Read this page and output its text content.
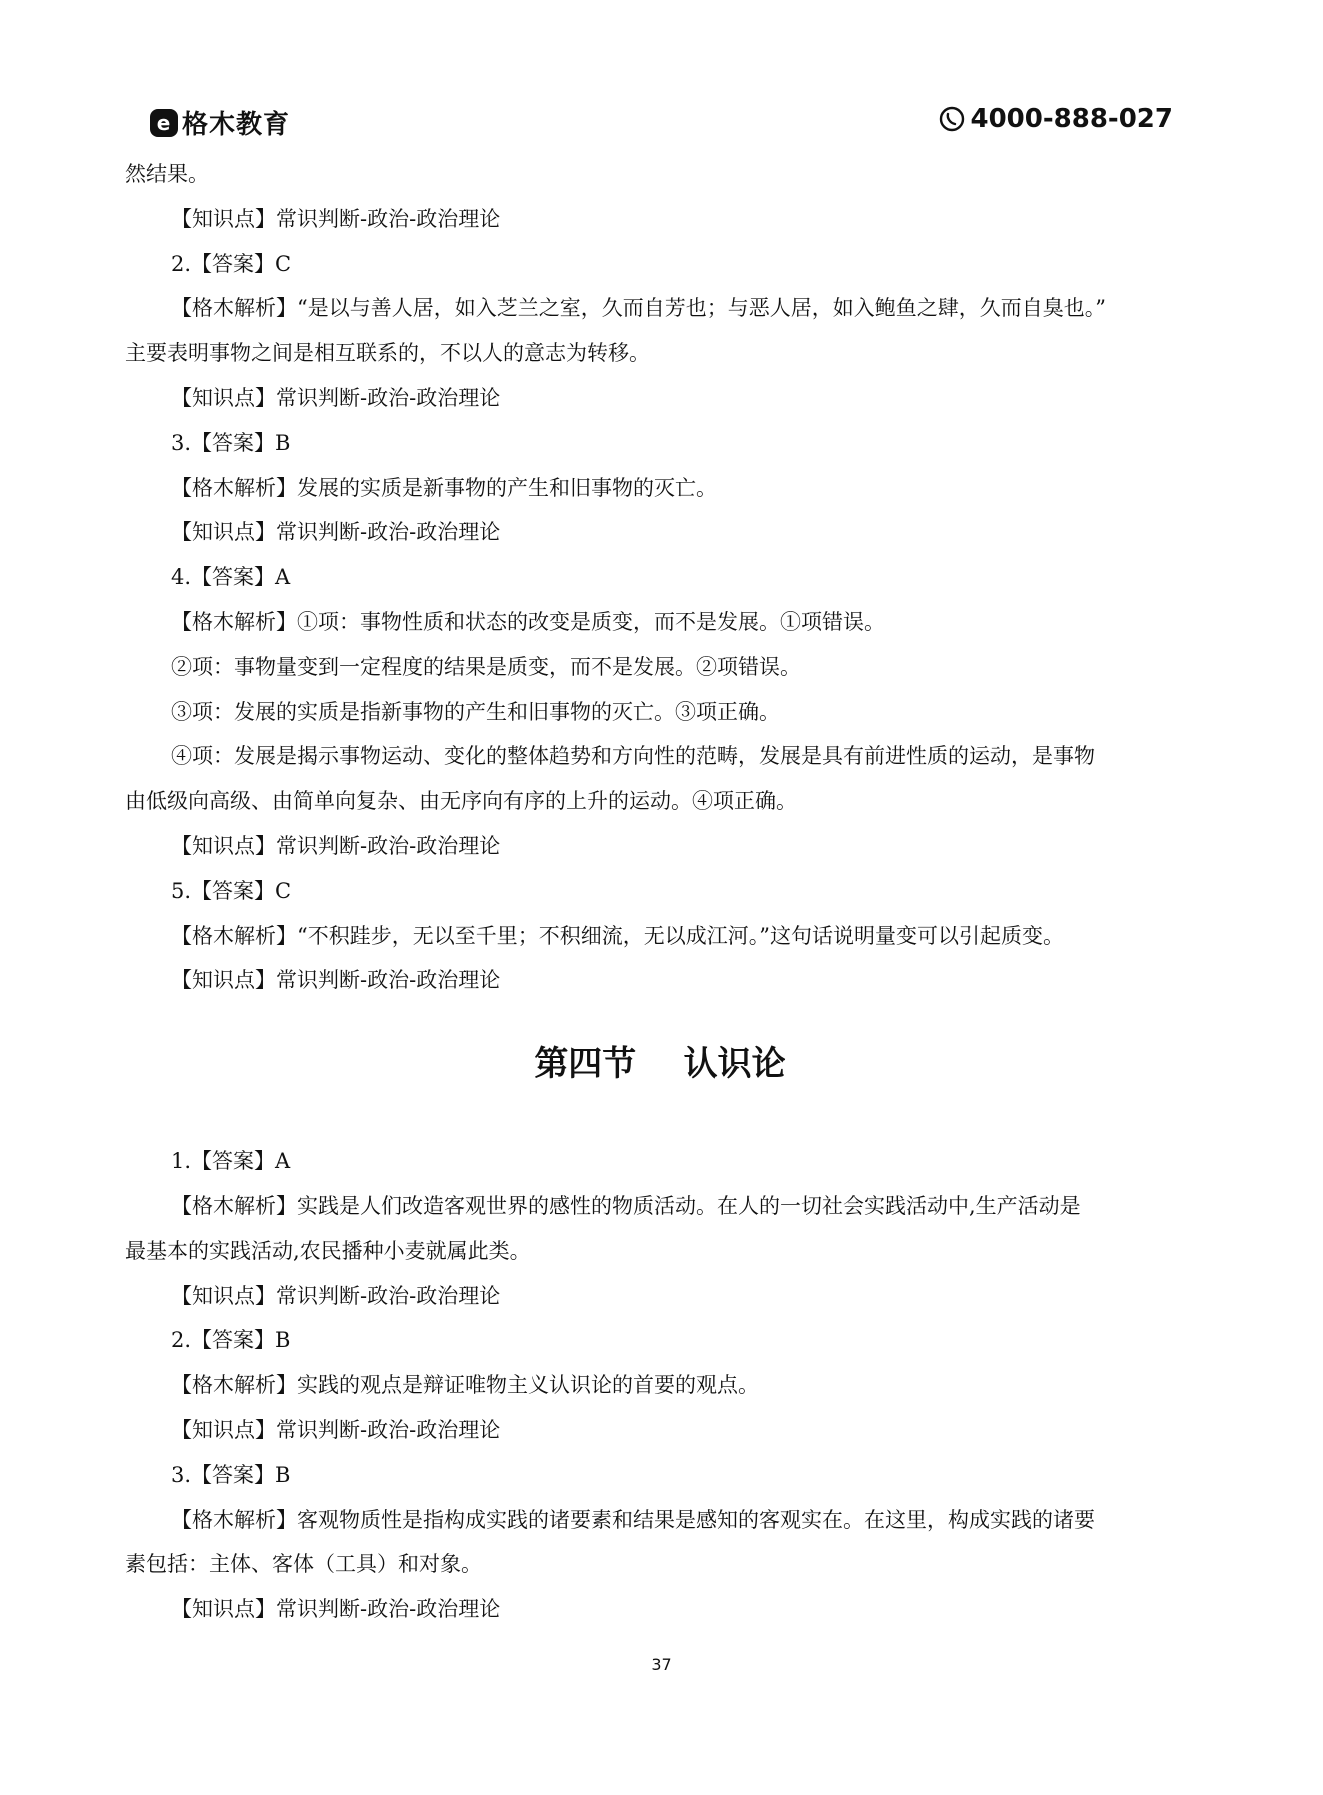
e 格木教育	4000-888-027
然结果。
【知识点】常识判断-政治-政治理论
2.【答案】C
【格木解析】“是以与善人居，如入芝兰之室，久而自芳也；与恶人居，如入鲍鱼之肆，久而自臭也。”
主要表明事物之间是相互联系的，不以人的意志为转移。
【知识点】常识判断-政治-政治理论
3.【答案】B
【格木解析】发展的实质是新事物的产生和旧事物的灭亡。
【知识点】常识判断-政治-政治理论
4.【答案】A
【格木解析】①项：事物性质和状态的改变是质变，而不是发展。①项错误。
②项：事物量变到一定程度的结果是质变，而不是发展。②项错误。
③项：发展的实质是指新事物的产生和旧事物的灭亡。③项正确。
④项：发展是揭示事物运动、变化的整体趋势和方向性的范畴，发展是具有前进性质的运动，是事物
由低级向高级、由简单向复杂、由无序向有序的上升的运动。④项正确。
【知识点】常识判断-政治-政治理论
5.【答案】C
【格木解析】“不积跬步，无以至千里；不积细流，无以成江河。”这句话说明量变可以引起质变。
【知识点】常识判断-政治-政治理论
第四节    认识论
1.【答案】A
【格木解析】实践是人们改造客观世界的感性的物质活动。在人的一切社会实践活动中,生产活动是
最基本的实践活动,农民播种小麦就属此类。
【知识点】常识判断-政治-政治理论
2.【答案】B
【格木解析】实践的观点是辩证唯物主义认识论的首要的观点。
【知识点】常识判断-政治-政治理论
3.【答案】B
【格木解析】客观物质性是指构成实践的诸要素和结果是感知的客观实在。在这里，构成实践的诸要
素包括：主体、客体（工具）和对象。
【知识点】常识判断-政治-政治理论
37
